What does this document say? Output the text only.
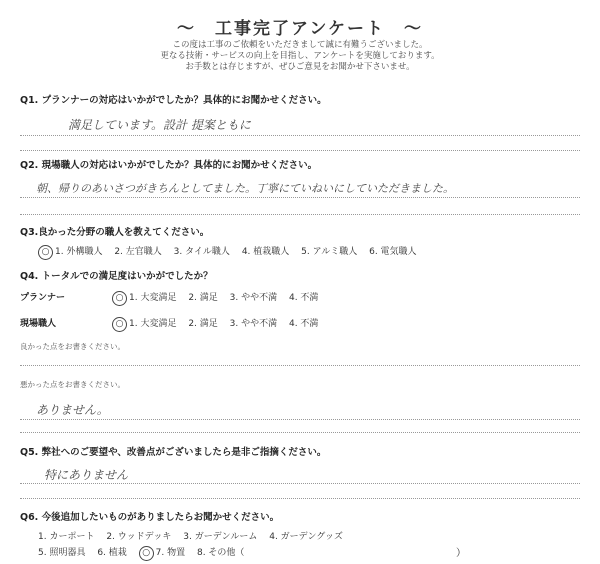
～　工事完了アンケート　～
この度は工事のご依頼をいただきまして誠に有難うございました。
更なる技術・サービスの向上を目指し、アンケートを実施しております。
お手数とは存じますが、ぜひご意見をお聞かせ下さいませ。
Q1. プランナーの対応はいかがでしたか？具体的にお聞かせください。
満足しています。設計 提案ともに
Q2. 現場職人の対応はいかがでしたか？具体的にお聞かせください。
朝、帰りのあいさつがきちんとしてました。丁寧にていねいにしていただきました。
Q3.良かった分野の職人を教えてください。
○ 1. 外構職人 2. 左官職人 3. タイル職人 4. 植栽職人 5. アルミ職人 6. 電気職人
Q4. トータルでの満足度はいかがでしたか？
プランナー	○ 1. 大変満足 2. 満足 3. やや不満 4. 不満
現場職人	○ 1. 大変満足 2. 満足 3. やや不満 4. 不満
良かった点をお書きください。
悪かった点をお書きください。
ありません。
Q5. 弊社へのご要望や、改善点がございましたら是非ご指摘ください。
特にありません
Q6. 今後追加したいものがありましたらお聞かせください。
1. カーポート 2. ウッドデッキ 3. ガーデンルーム 4. ガーデングッズ
5. 照明器具 6. 植栽 ○ 7. 物置 8. その他（	）
